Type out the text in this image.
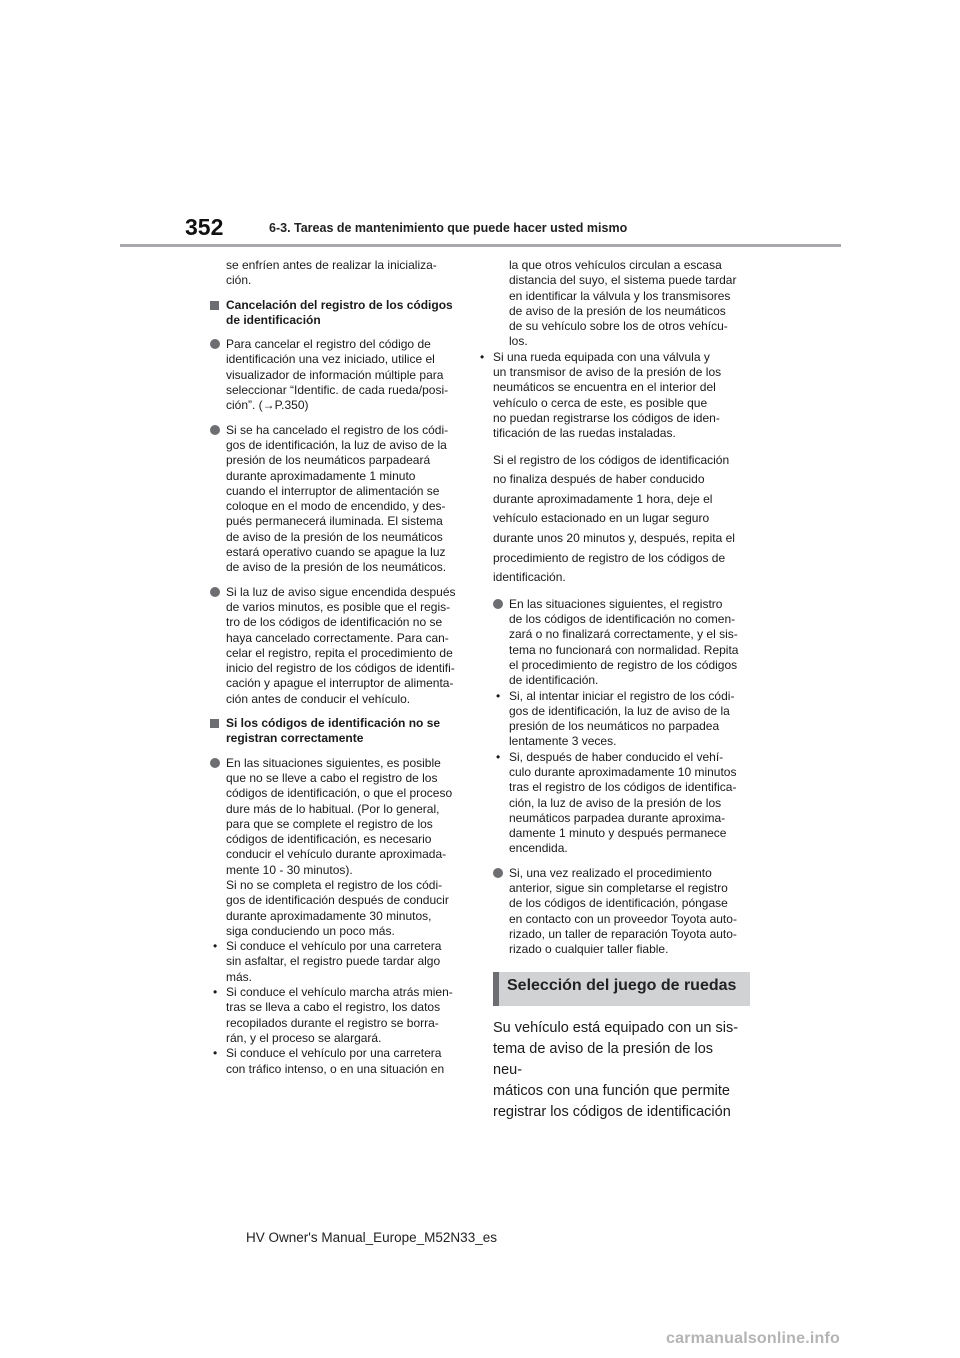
352	6-3. Tareas de mantenimiento que puede hacer usted mismo
se enfríen antes de realizar la inicializa-
ción.
Cancelación del registro de los códigos
de identificación
Para cancelar el registro del código de
identificación una vez iniciado, utilice el
visualizador de información múltiple para
seleccionar “Identific. de cada rueda/posi-
ción”. (→P.350)
Si se ha cancelado el registro de los códi-
gos de identificación, la luz de aviso de la
presión de los neumáticos parpadeará
durante aproximadamente 1 minuto
cuando el interruptor de alimentación se
coloque en el modo de encendido, y des-
pués permanecerá iluminada. El sistema
de aviso de la presión de los neumáticos
estará operativo cuando se apague la luz
de aviso de la presión de los neumáticos.
Si la luz de aviso sigue encendida después
de varios minutos, es posible que el regis-
tro de los códigos de identificación no se
haya cancelado correctamente. Para can-
celar el registro, repita el procedimiento de
inicio del registro de los códigos de identifi-
cación y apague el interruptor de alimenta-
ción antes de conducir el vehículo.
Si los códigos de identificación no se
registran correctamente
En las situaciones siguientes, es posible
que no se lleve a cabo el registro de los
códigos de identificación, o que el proceso
dure más de lo habitual. (Por lo general,
para que se complete el registro de los
códigos de identificación, es necesario
conducir el vehículo durante aproximada-
mente 10 - 30 minutos).
Si no se completa el registro de los códi-
gos de identificación después de conducir
durante aproximadamente 30 minutos,
siga conduciendo un poco más.
• Si conduce el vehículo por una carretera
sin asfaltar, el registro puede tardar algo
más.
• Si conduce el vehículo marcha atrás mien-
tras se lleva a cabo el registro, los datos
recopilados durante el registro se borra-
rán, y el proceso se alargará.
• Si conduce el vehículo por una carretera
con tráfico intenso, o en una situación en
la que otros vehículos circulan a escasa
distancia del suyo, el sistema puede tardar
en identificar la válvula y los transmisores
de aviso de la presión de los neumáticos
de su vehículo sobre los de otros vehícu-
los.
• Si una rueda equipada con una válvula y
un transmisor de aviso de la presión de los
neumáticos se encuentra en el interior del
vehículo o cerca de este, es posible que
no puedan registrarse los códigos de iden-
tificación de las ruedas instaladas.
Si el registro de los códigos de identificación
no finaliza después de haber conducido
durante aproximadamente 1 hora, deje el
vehículo estacionado en un lugar seguro
durante unos 20 minutos y, después, repita el
procedimiento de registro de los códigos de
identificación.
En las situaciones siguientes, el registro
de los códigos de identificación no comen-
zará o no finalizará correctamente, y el sis-
tema no funcionará con normalidad. Repita
el procedimiento de registro de los códigos
de identificación.
• Si, al intentar iniciar el registro de los códi-
gos de identificación, la luz de aviso de la
presión de los neumáticos no parpadea
lentamente 3 veces.
• Si, después de haber conducido el vehí-
culo durante aproximadamente 10 minutos
tras el registro de los códigos de identifica-
ción, la luz de aviso de la presión de los
neumáticos parpadea durante aproxima-
damente 1 minuto y después permanece
encendida.
Si, una vez realizado el procedimiento
anterior, sigue sin completarse el registro
de los códigos de identificación, póngase
en contacto con un proveedor Toyota auto-
rizado, un taller de reparación Toyota auto-
rizado o cualquier taller fiable.
Selección del juego de ruedas
Su vehículo está equipado con un sis-
tema de aviso de la presión de los neu-
máticos con una función que permite
registrar los códigos de identificación
HV Owner's Manual_Europe_M52N33_es
carmanualsonline.info
